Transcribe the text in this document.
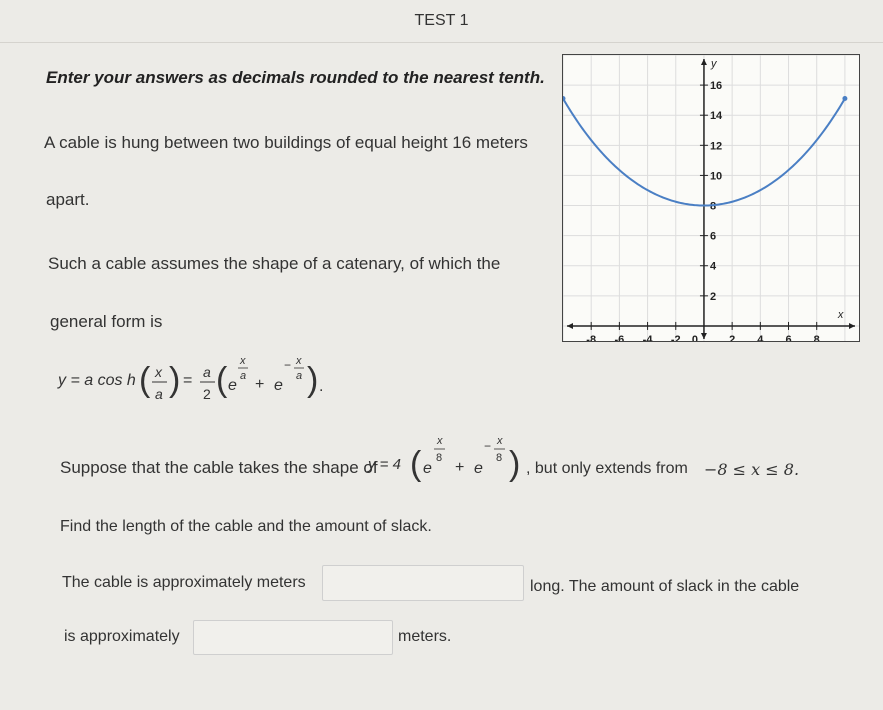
TEST 1
Enter your answers as decimals rounded to the nearest tenth.
A cable is hung between two buildings of equal height 16 meters
apart.
Such a cable assumes the shape of a catenary, of which the
general form is
y = a cos h ( x
a ) = a
2 ( e
x
a + e
− x
a ) .
Suppose that the cable takes the shape of
y = 4 ( e
x
8
+ e
− x
8 ) , but only extends from −8 ≤ x ≤ 8.
Find the length of the cable and the amount of slack.
The cable is approximately meters	long. The amount of slack in the cable
is approximately	meters.
-8 -6 -4 -2 0	2 4 6 8
2
4
6
8
10
12
14
16
x
y
